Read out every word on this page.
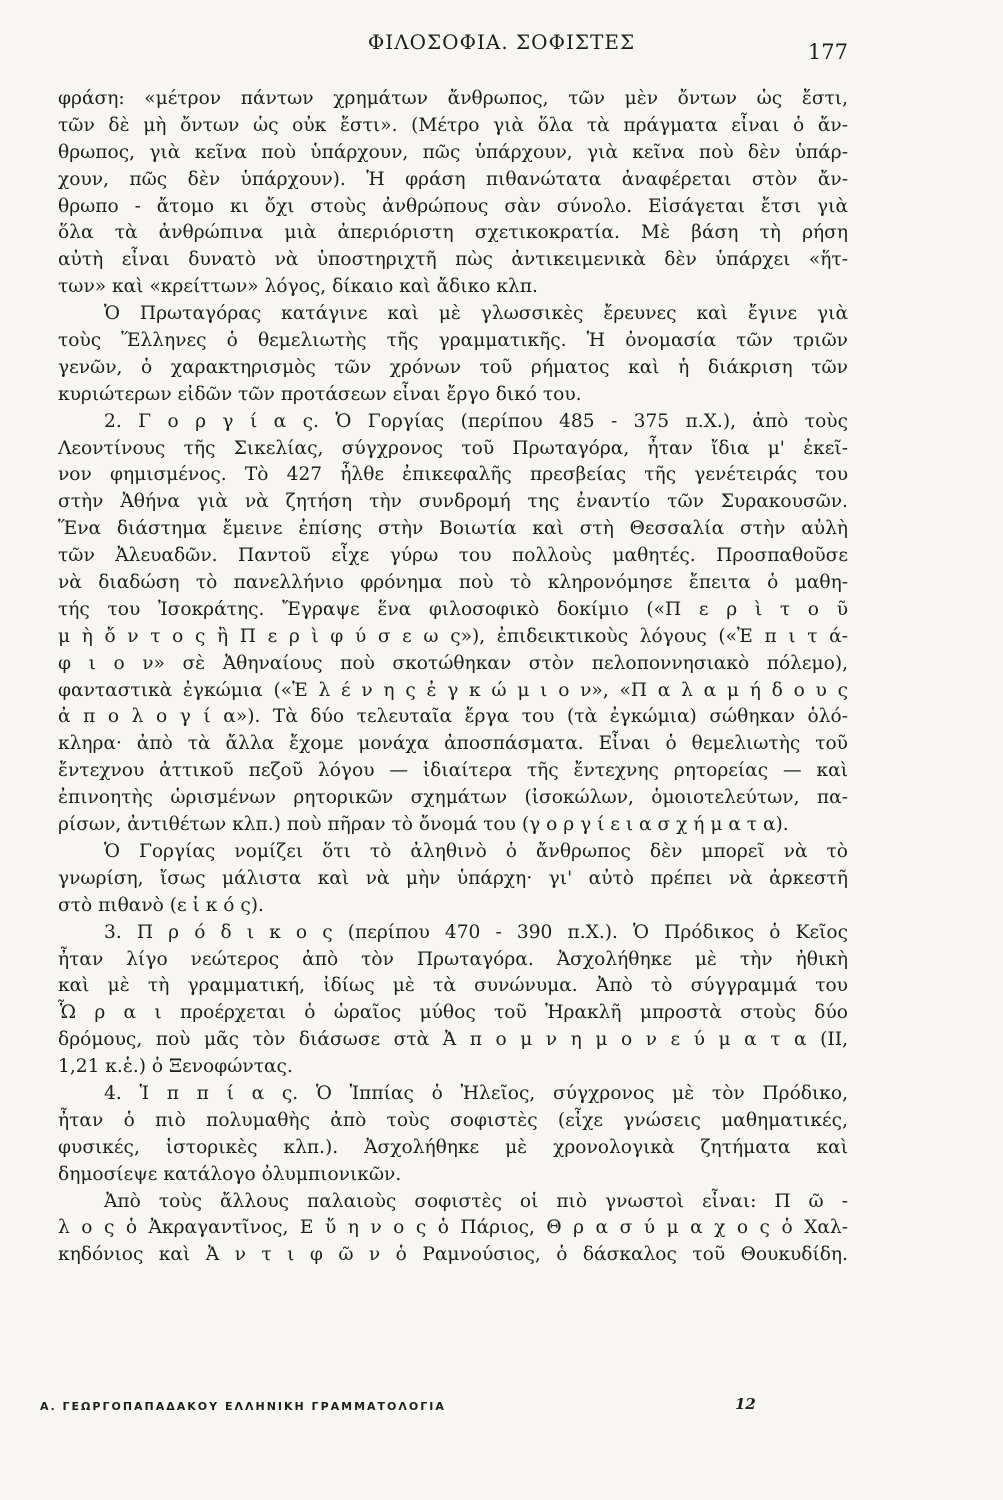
ΦΙΛΟΣΟΦΙΑ. ΣΟΦΙΣΤΕΣ	177
φράση: «μέτρον πάντων χρημάτων ἄνθρωπος, τῶν μὲν ὄντων ὡς ἔστι,
τῶν δὲ μὴ ὄντων ὡς οὐκ ἔστι». (Μέτρο γιὰ ὅλα τὰ πράγματα εἶναι ὁ ἄν-
θρωπος, γιὰ κεῖνα ποὺ ὑπάρχουν, πῶς ὑπάρχουν, γιὰ κεῖνα ποὺ δὲν ὑπάρ-
χουν, πῶς δὲν ὑπάρχουν). Ἡ φράση πιθανώτατα ἀναφέρεται στὸν ἄν-
θρωπο - ἄτομο κι ὄχι στοὺς ἀνθρώπους σὰν σύνολο. Εἰσάγεται ἔτσι γιὰ
ὅλα τὰ ἀνθρώπινα μιὰ ἀπεριόριστη σχετικοκρατία. Μὲ βάση τὴ ρήση
αὐτὴ εἶναι δυνατὸ νὰ ὑποστηριχτῆ πὼς ἀντικειμενικὰ δὲν ὑπάρχει «ἥτ-
των» καὶ «κρείττων» λόγος, δίκαιο καὶ ἄδικο κλπ.
Ὁ Πρωταγόρας κατάγινε καὶ μὲ γλωσσικὲς ἔρευνες καὶ ἔγινε γιὰ
τοὺς Ἕλληνες ὁ θεμελιωτὴς τῆς γραμματικῆς. Ἡ ὀνομασία τῶν τριῶν
γενῶν, ὁ χαρακτηρισμὸς τῶν χρόνων τοῦ ρήματος καὶ ἡ διάκριση τῶν
κυριώτερων εἰδῶν τῶν προτάσεων εἶναι ἔργο δικό του.
2. Γ ο ρ γ ί α ς. Ὁ Γοργίας (περίπου 485 - 375 π.Χ.), ἀπὸ τοὺς
Λεοντίνους τῆς Σικελίας, σύγχρονος τοῦ Πρωταγόρα, ἦταν ἴδια μ' ἐκεῖ-
νον φημισμένος. Τὸ 427 ἦλθε ἐπικεφαλῆς πρεσβείας τῆς γενέτειράς του
στὴν Ἀθήνα γιὰ νὰ ζητήση τὴν συνδρομή της ἐναντίο τῶν Συρακουσῶν.
Ἕνα διάστημα ἔμεινε ἐπίσης στὴν Βοιωτία καὶ στὴ Θεσσαλία στὴν αὐλὴ
τῶν Ἀλευαδῶν. Παντοῦ εἶχε γύρω του πολλοὺς μαθητές. Προσπαθοῦσε
νὰ διαδώση τὸ πανελλήνιο φρόνημα ποὺ τὸ κληρονόμησε ἔπειτα ὁ μαθη-
τής του Ἰσοκράτης. Ἔγραψε ἕνα φιλοσοφικὸ δοκίμιο («Π ε ρ ὶ τ ο ῦ
μ ὴ ὄ ν τ ο ς ἢ Π ε ρ ὶ φ ύ σ ε ω ς»), ἐπιδεικτικοὺς λόγους («Ἐ π ι τ ά-
φ ι ο ν» σὲ Ἀθηναίους ποὺ σκοτώθηκαν στὸν πελοποννησιακὸ πόλεμο),
φανταστικὰ ἐγκώμια («Ἑ λ έ ν η ς ἐ γ κ ώ μ ι ο ν», «Π α λ α μ ή δ ο υ ς
ἀ π ο λ ο γ ί α»). Τὰ δύο τελευταῖα ἔργα του (τὰ ἐγκώμια) σώθηκαν ὁλό-
κληρα· ἀπὸ τὰ ἄλλα ἔχομε μονάχα ἀποσπάσματα. Εἶναι ὁ θεμελιωτὴς τοῦ
ἔντεχνου ἀττικοῦ πεζοῦ λόγου — ἰδιαίτερα τῆς ἔντεχνης ρητορείας — καὶ
ἐπινοητὴς ὡρισμένων ρητορικῶν σχημάτων (ἰσοκώλων, ὁμοιοτελεύτων, πα-
ρίσων, ἀντιθέτων κλπ.) ποὺ πῆραν τὸ ὄνομά του (γ ο ρ γ ί ε ι α σ χ ή μ α τ α).
Ὁ Γοργίας νομίζει ὅτι τὸ ἀληθινὸ ὁ ἄνθρωπος δὲν μπορεῖ νὰ τὸ
γνωρίση, ἴσως μάλιστα καὶ νὰ μὴν ὑπάρχη· γι' αὐτὸ πρέπει νὰ ἀρκεστῆ
στὸ πιθανὸ (ε ἰ κ ό ς).
3. Π ρ ό δ ι κ ο ς (περίπου 470 - 390 π.Χ.). Ὁ Πρόδικος ὁ Κεῖος
ἦταν λίγο νεώτερος ἀπὸ τὸν Πρωταγόρα. Ἀσχολήθηκε μὲ τὴν ἠθικὴ
καὶ μὲ τὴ γραμματική, ἰδίως μὲ τὰ συνώνυμα. Ἀπὸ τὸ σύγγραμμά του
Ὧ ρ α ι προέρχεται ὁ ὡραῖος μύθος τοῦ Ἡρακλῆ μπροστὰ στοὺς δύο
δρόμους, ποὺ μᾶς τὸν διάσωσε στὰ Ἀ π ο μ ν η μ ο ν ε ύ μ α τ α (ΙΙ,
1,21 κ.ἑ.) ὁ Ξενοφώντας.
4. Ἱ π π ί α ς. Ὁ Ἱππίας ὁ Ἠλεῖος, σύγχρονος μὲ τὸν Πρόδικο,
ἦταν ὁ πιὸ πολυμαθὴς ἀπὸ τοὺς σοφιστὲς (εἶχε γνώσεις μαθηματικές,
φυσικές, ἱστορικὲς κλπ.). Ἀσχολήθηκε μὲ χρονολογικὰ ζητήματα καὶ
δημοσίεψε κατάλογο ὀλυμπιονικῶν.
Ἀπὸ τοὺς ἄλλους παλαιοὺς σοφιστὲς οἱ πιὸ γνωστοὶ εἶναι: Π ῶ -
λ ο ς ὁ Ἀκραγαντῖνος, Ε ὔ η ν ο ς ὁ Πάριος, Θ ρ α σ ύ μ α χ ο ς ὁ Χαλ-
κηδόνιος καὶ Ἀ ν τ ι φ ῶ ν ὁ Ραμνούσιος, ὁ δάσκαλος τοῦ Θουκυδίδη.
Α. ΓΕΩΡΓΟΠΑΠΑΔΑΚΟΥ ΕΛΛΗΝΙΚΗ ΓΡΑΜΜΑΤΟΛΟΓΙΑ	12
